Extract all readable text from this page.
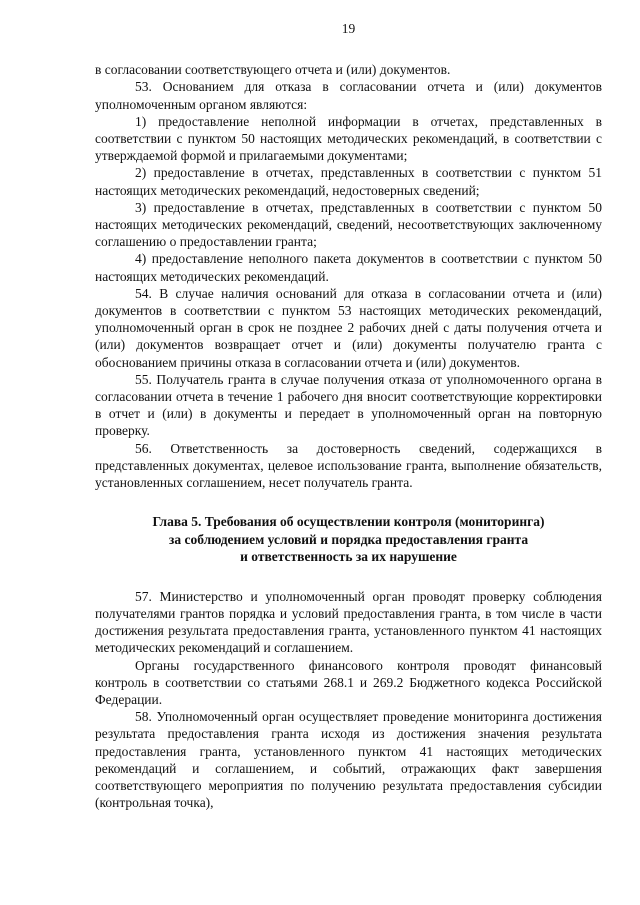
19

в согласовании соответствующего отчета и (или) документов.

53. Основанием для отказа в согласовании отчета и (или) документов уполномоченным органом являются:

1) предоставление неполной информации в отчетах, представленных в соответствии с пунктом 50 настоящих методических рекомендаций, в соответствии с утверждаемой формой и прилагаемыми документами;

2) предоставление в отчетах, представленных в соответствии с пунктом 51 настоящих методических рекомендаций, недостоверных сведений;

3) предоставление в отчетах, представленных в соответствии с пунктом 50 настоящих методических рекомендаций, сведений, несоответствующих заключенному соглашению о предоставлении гранта;

4) предоставление неполного пакета документов в соответствии с пунктом 50 настоящих методических рекомендаций.

54. В случае наличия оснований для отказа в согласовании отчета и (или) документов в соответствии с пунктом 53 настоящих методических рекомендаций, уполномоченный орган в срок не позднее 2 рабочих дней с даты получения отчета и (или) документов возвращает отчет и (или) документы получателю гранта с обоснованием причины отказа в согласовании отчета и (или) документов.

55. Получатель гранта в случае получения отказа от уполномоченного органа в согласовании отчета в течение 1 рабочего дня вносит соответствующие корректировки в отчет и (или) в документы и передает в уполномоченный орган на повторную проверку.

56. Ответственность за достоверность сведений, содержащихся в представленных документах, целевое использование гранта, выполнение обязательств, установленных соглашением, несет получатель гранта.

Глава 5. Требования об осуществлении контроля (мониторинга)
за соблюдением условий и порядка предоставления гранта
и ответственность за их нарушение

57. Министерство и уполномоченный орган проводят проверку соблюдения получателями грантов порядка и условий предоставления гранта, в том числе в части достижения результата предоставления гранта, установленного пунктом 41 настоящих методических рекомендаций и соглашением.

Органы государственного финансового контроля проводят финансовый контроль в соответствии со статьями 268.1 и 269.2 Бюджетного кодекса Российской Федерации.

58. Уполномоченный орган осуществляет проведение мониторинга достижения результата предоставления гранта исходя из достижения значения результата предоставления гранта, установленного пунктом 41 настоящих методических рекомендаций и соглашением, и событий, отражающих факт завершения соответствующего мероприятия по получению результата предоставления субсидии (контрольная точка),
